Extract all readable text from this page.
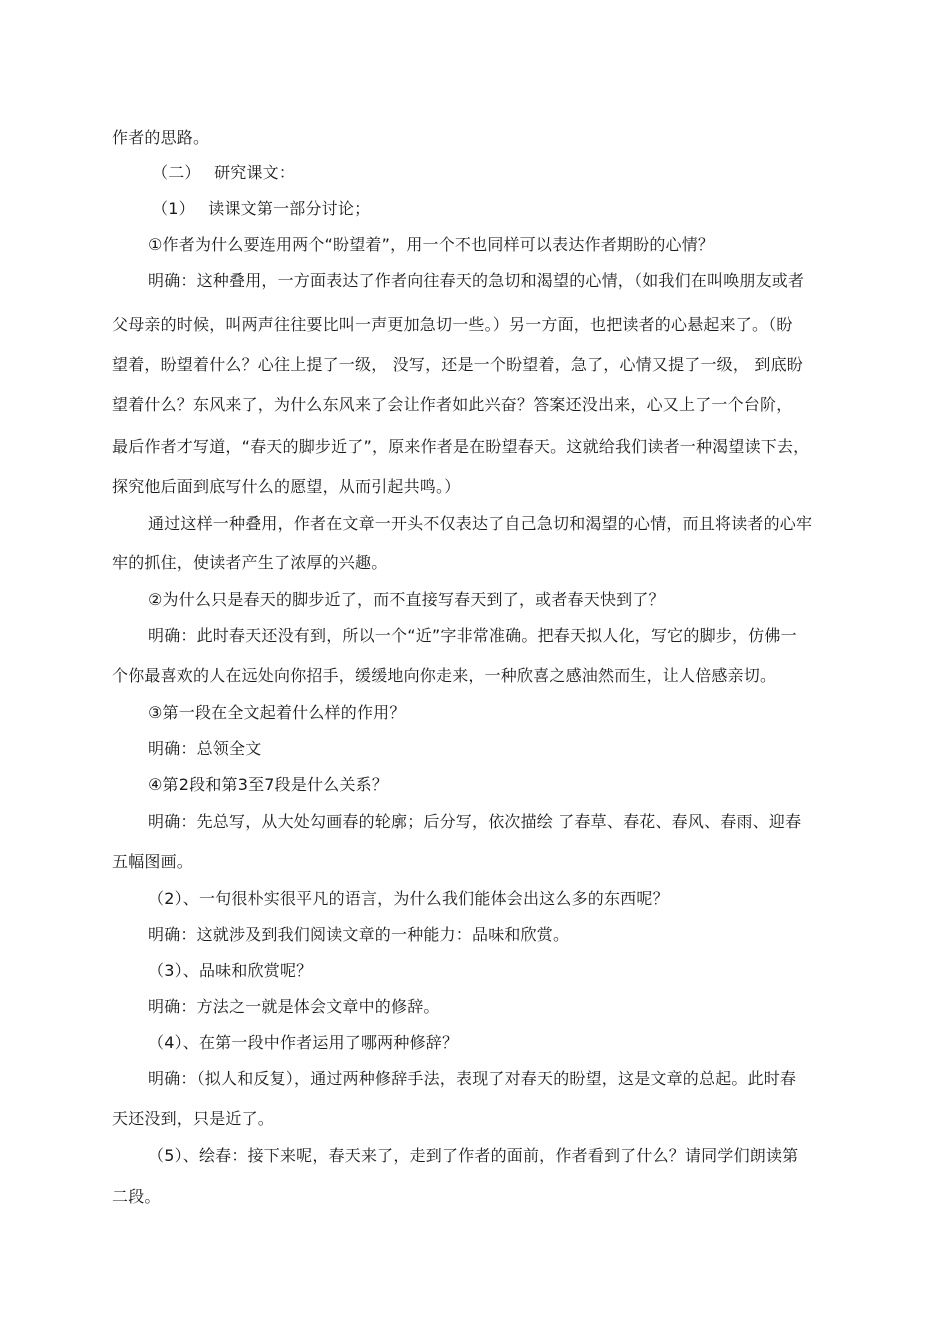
作者的思路。
（二）　 研究课文：
（1）　 读课文第一部分讨论；
①作者为什么要连用两个“盼望着”，用一个不也同样可以表达作者期盼的心情？
明确：这种叠用，一方面表达了作者向往春天的急切和渴望的心情，（如我们在叫唤朋友或者
父母亲的时候，叫两声往往要比叫一声更加急切一些。）另一方面，也把读者的心悬起来了。（盼
望着，盼望着什么？心往上提了一级， 没写，还是一个盼望着，急了，心情又提了一级， 到底盼
望着什么？东风来了，为什么东风来了会让作者如此兴奋？答案还没出来，心又上了一个台阶，
最后作者才写道，“春天的脚步近了”，原来作者是在盼望春天。这就给我们读者一种渴望读下去，
探究他后面到底写什么的愿望，从而引起共鸣。）
通过这样一种叠用，作者在文章一开头不仅表达了自己急切和渴望的心情，而且将读者的心牢
牢的抓住，使读者产生了浓厚的兴趣。
②为什么只是春天的脚步近了，而不直接写春天到了，或者春天快到了？
明确：此时春天还没有到，所以一个“近”字非常准确。把春天拟人化，写它的脚步，仿佛一
个你最喜欢的人在远处向你招手，缓缓地向你走来，一种欣喜之感油然而生，让人倍感亲切。
③第一段在全文起着什么样的作用？
明确：总领全文
④第2段和第3至7段是什么关系？
明确：先总写，从大处勾画春的轮廓；后分写，依次描绘 了春草、春花、春风、春雨、迎春
五幅图画。
（2）、一句很朴实很平凡的语言，为什么我们能体会出这么多的东西呢？
明确：这就涉及到我们阅读文章的一种能力：品味和欣赏。
（3）、品味和欣赏呢？
明确：方法之一就是体会文章中的修辞。
（4）、在第一段中作者运用了哪两种修辞？
明确：（拟人和反复），通过两种修辞手法，表现了对春天的盼望，这是文章的总起。此时春
天还没到，只是近了。
（5）、绘春：接下来呢，春天来了，走到了作者的面前，作者看到了什么？请同学们朗读第
二段。
